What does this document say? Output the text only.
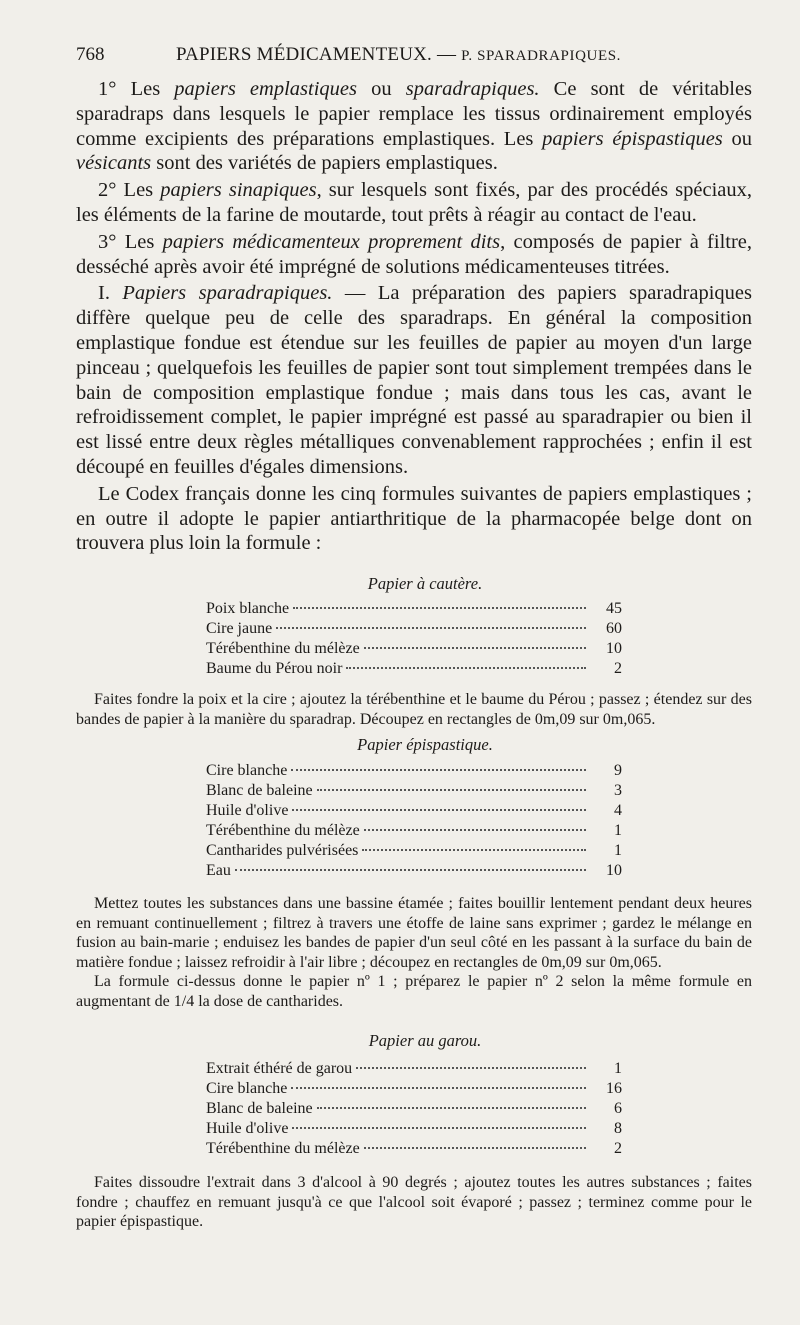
768	PAPIERS MÉDICAMENTEUX. — P. SPARADRAPIQUES.

1° Les papiers emplastiques ou sparadrapiques. Ce sont de véritables sparadraps dans lesquels le papier remplace les tissus ordinairement employés comme excipients des préparations emplastiques. Les papiers épispastiques ou vésicants sont des variétés de papiers emplastiques.

2° Les papiers sinapiques, sur lesquels sont fixés, par des procédés spéciaux, les éléments de la farine de moutarde, tout prêts à réagir au contact de l'eau.

3° Les papiers médicamenteux proprement dits, composés de papier à filtre, desséché après avoir été imprégné de solutions médicamenteuses titrées.

I. Papiers sparadrapiques. — La préparation des papiers sparadrapiques diffère quelque peu de celle des sparadraps. En général la composition emplastique fondue est étendue sur les feuilles de papier au moyen d'un large pinceau ; quelquefois les feuilles de papier sont tout simplement trempées dans le bain de composition emplastique fondue ; mais dans tous les cas, avant le refroidissement complet, le papier imprégné est passé au sparadrapier ou bien il est lissé entre deux règles métalliques convenablement rapprochées ; enfin il est découpé en feuilles d'égales dimensions.

Le Codex français donne les cinq formules suivantes de papiers emplastiques ; en outre il adopte le papier antiarthritique de la pharmacopée belge dont on trouvera plus loin la formule :

Papier à cautère.

Poix blanche	45
Cire jaune	60
Térébenthine du mélèze	10
Baume du Pérou noir	2

Faites fondre la poix et la cire ; ajoutez la térébenthine et le baume du Pérou ; passez ; étendez sur des bandes de papier à la manière du sparadrap. Découpez en rectangles de 0m,09 sur 0m,065.

Papier épispastique.

Cire blanche	9
Blanc de baleine	3
Huile d'olive	4
Térébenthine du mélèze	1
Cantharides pulvérisées	1
Eau	10

Mettez toutes les substances dans une bassine étamée ; faites bouillir lentement pendant deux heures en remuant continuellement ; filtrez à travers une étoffe de laine sans exprimer ; gardez le mélange en fusion au bain-marie ; enduisez les bandes de papier d'un seul côté en les passant à la surface du bain de matière fondue ; laissez refroidir à l'air libre ; découpez en rectangles de 0m,09 sur 0m,065.

La formule ci-dessus donne le papier nº 1 ; préparez le papier nº 2 selon la même formule en augmentant de 1/4 la dose de cantharides.

Papier au garou.

Extrait éthéré de garou	1
Cire blanche	16
Blanc de baleine	6
Huile d'olive	8
Térébenthine du mélèze	2

Faites dissoudre l'extrait dans 3 d'alcool à 90 degrés ; ajoutez toutes les autres substances ; faites fondre ; chauffez en remuant jusqu'à ce que l'alcool soit évaporé ; passez ; terminez comme pour le papier épispastique.
